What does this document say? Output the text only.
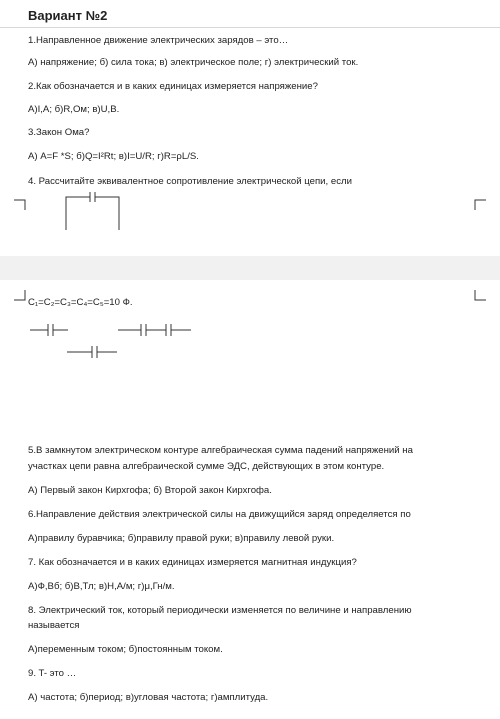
Вариант №2
1.Направленное движение электрических зарядов – это…
А) напряжение; б) сила тока; в) электрическое поле; г) электрический ток.
2.Как обозначается и в каких единицах измеряется напряжение?
А)I,A; б)R,Ом; в)U,B.
3.Закон Ома?
А) A=F *S; б)Q=I²Rt; в)I=U/R; г)R=ρL/S.
4. Рассчитайте эквивалентное сопротивление электрической цепи, если
C₁=C₂=C₃=C₄=C₅=10 Ф.
5.В замкнутом электрическом контуре алгебраическая сумма падений напряжений на
участках цепи равна алгебраической сумме ЭДС, действующих в этом контуре.
А) Первый закон Кирхгофа; б) Второй закон Кирхгофа.
6.Направление действия электрической силы на движущийся заряд определяется по
А)правилу буравчика; б)правилу правой руки; в)правилу левой руки.
7. Как обозначается и в каких единицах измеряется магнитная индукция?
А)Ф,Вб; б)В,Тл; в)Н,А/м; г)μ,Гн/м.
8. Электрический ток, который периодически изменяется по величине и направлению
называется
А)переменным током; б)постоянным током.
9. T- это …
А) частота; б)период; в)угловая частота; г)амплитуда.
